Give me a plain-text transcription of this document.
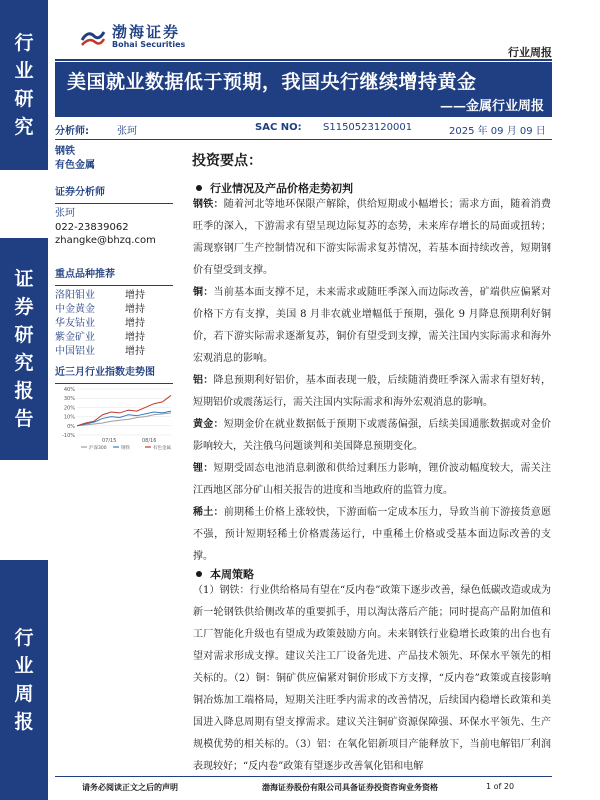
行
业
研
究
证
券
研
究
报
告
行
业
周
报
渤海证券
Bohai Securities
行业周报
美国就业数据低于预期，我国央行继续增持黄金
——金属行业周报
分析师:	张珂	SAC NO: S1150523120001	2025 年 09 月 09 日
钢铁
有色金属
证券分析师
张珂
022-23839062
zhangke@bhzq.com
重点品种推荐
洛阳钼业	增持
中金黄金	增持
华友钴业	增持
紫金矿业	增持
中国铝业	增持
近三月行业指数走势图
-10%
0%
10%
20%
30%
40%
07/15	08/16
沪深300	钢铁	有色金属
投资要点：
行业情况及产品价格走势初判
钢铁：随着河北等地环保限产解除，供给短期或小幅增长；需求方面，随着消费旺季的深入，下游需求有望呈现边际复苏的态势，未来库存增长的局面或扭转；需现察钢厂生产控制情况和下游实际需求复苏情况，若基本面持续改善，短期钢价有望受到支撑。
铜：当前基本面支撑不足，未来需求或随旺季深入而边际改善，矿端供应偏紧对价格下方有支撑，美国 8 月非农就业增幅低于预期，强化 9 月降息预期利好铜价，若下游实际需求逐渐复苏，铜价有望受到支撑，需关注国内实际需求和海外宏观消息的影响。
铝：降息预期利好铝价，基本面表现一般，后续随消费旺季深入需求有望好转，短期铝价或震荡运行，需关注国内实际需求和海外宏观消息的影响。
黄金：短期金价在就业数据低于预期下或震荡偏强，后续美国通胀数据或对金价影响较大，关注俄乌问题谈判和美国降息预期变化。
锂：短期受固态电池消息刺激和供给过剩压力影响，锂价波动幅度较大，需关注江西地区部分矿山相关报告的进度和当地政府的监管力度。
稀土：前期稀土价格上涨较快，下游面临一定成本压力，导致当前下游接货意愿不强，预计短期轻稀土价格震荡运行，中重稀土价格或受基本面边际改善的支撑。
本周策略
（1）钢铁：行业供给格局有望在“反内卷”政策下逐步改善，绿色低碳改造或成为新一轮钢铁供给侧改革的重要抓手，用以淘汰落后产能；同时提高产品附加值和工厂智能化升级也有望成为政策鼓励方向。未来钢铁行业稳增长政策的出台也有望对需求形成支撑。建议关注工厂设备先进、产品技术领先、环保水平领先的相关标的。（2）铜：铜矿供应偏紧对铜价形成下方支撑，“反内卷”政策或直接影响铜冶炼加工端格局，短期关注旺季内需求的改善情况，后续国内稳增长政策和美国进入降息周期有望支撑需求。建议关注铜矿资源保障强、环保水平领先、生产规模优势的相关标的。（3）铝：在氧化铝新项目产能释放下，当前电解铝厂利润表现较好；“反内卷”政策有望逐步改善氧化铝和电解
请务必阅读正文之后的声明	渤海证券股份有限公司具备证券投资咨询业务资格	1 of 20
